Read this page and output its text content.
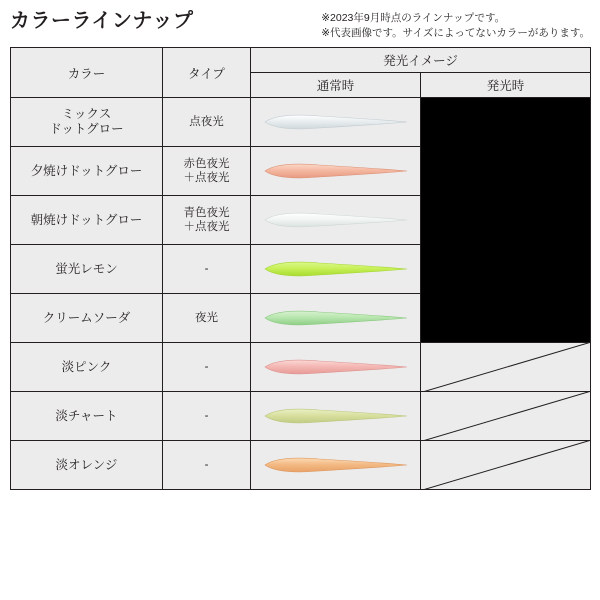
カラーラインナップ	※2023年9月時点のラインナップです。
※代表画像です。サイズによってないカラーがあります。
カラー	タイプ	発光イメージ	
		通常時	発光時

ミックス
ドットグロー	点夜光	

夕焼けドットグロー	赤色夜光
＋点夜光

朝焼けドットグロー	青色夜光
＋点夜光

蛍光レモン	-	

クリームソーダ	夜光	

淡ピンク	-	

淡チャート	-	

淡オレンジ	-	
